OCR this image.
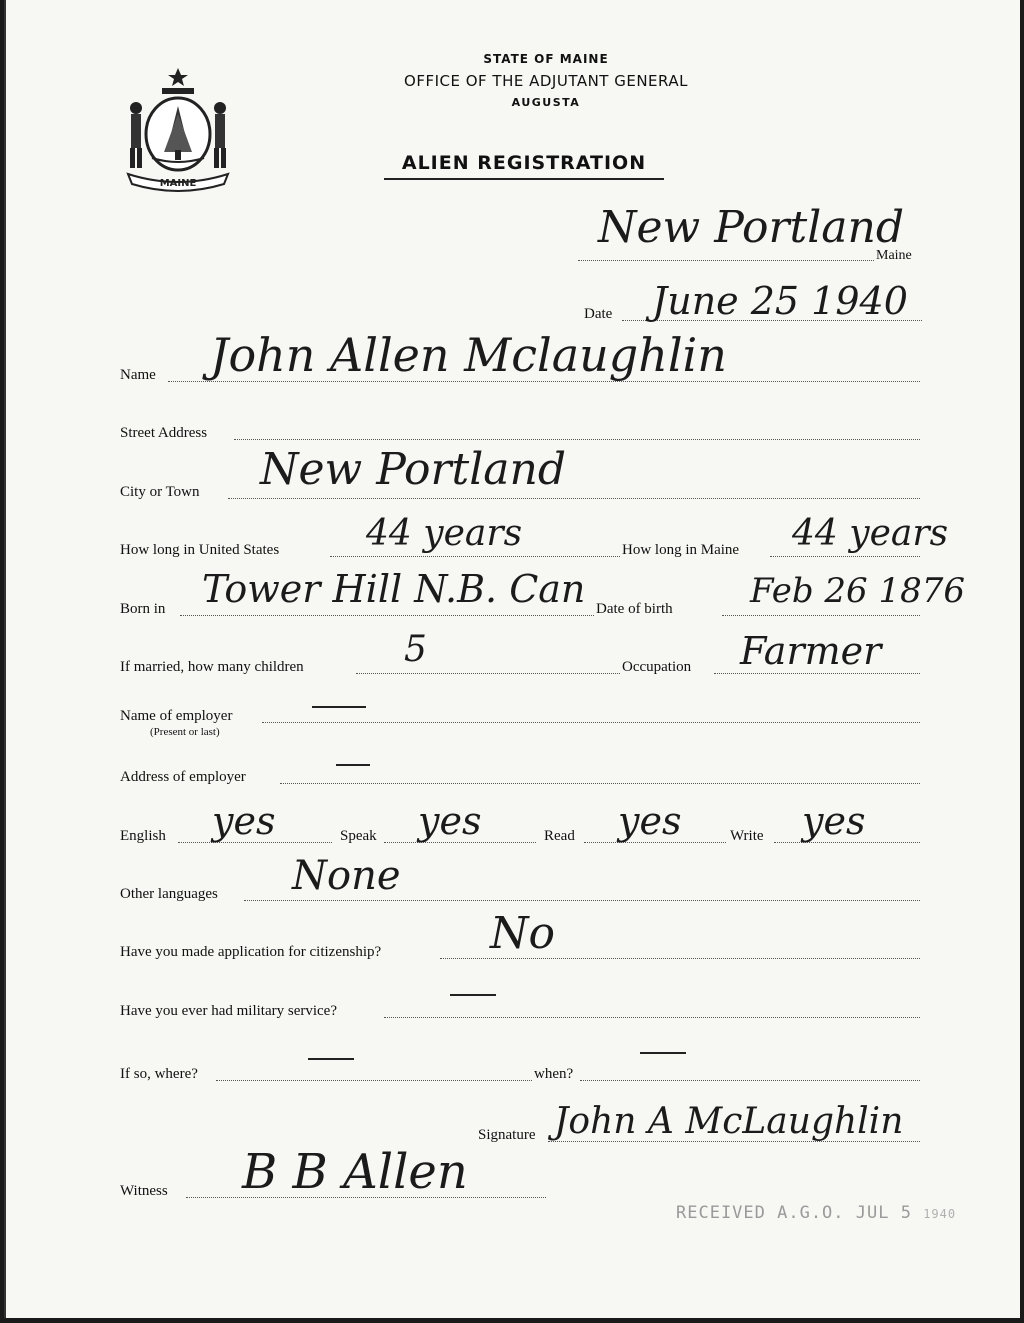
MAINE
STATE OF MAINE
OFFICE OF THE ADJUTANT GENERAL
AUGUSTA
ALIEN REGISTRATION
New Portland
Maine
Date June 25 1940
Name John Allen Mclaughlin
Street Address
City or Town New Portland
How long in United States 44 years	How long in Maine 44 years
Born in Tower Hill N.B. Can Date of birth Feb 26 1876
If married, how many children	5	Occupation Farmer
Name of employer
(Present or last)
Address of employer
English yes	Speak yes	Read yes	Write yes
Other languages None
Have you made application for citizenship? No
Have you ever had military service?
If so, where?	when?
Signature John A McLaughlin
Witness B B Allen
RECEIVED A.G.O. JUL 5 1940
